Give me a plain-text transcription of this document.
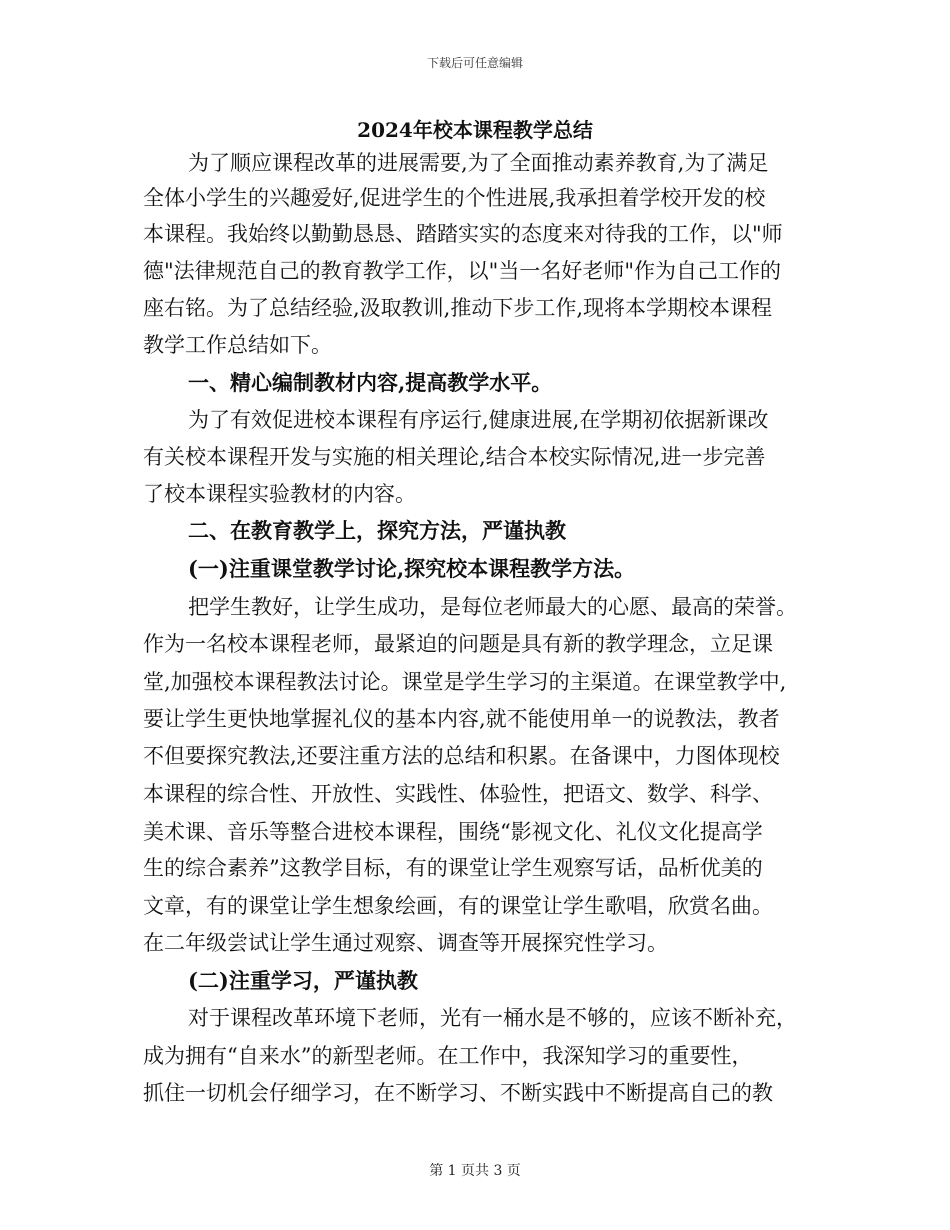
下载后可任意编辑
2024年校本课程教学总结
为了顺应课程改革的进展需要,为了全面推动素养教育,为了满足
全体小学生的兴趣爱好,促进学生的个性进展,我承担着学校开发的校
本课程。我始终以勤勤恳恳、踏踏实实的态度来对待我的工作，以"师
德"法律规范自己的教育教学工作，以"当一名好老师"作为自己工作的
座右铭。为了总结经验,汲取教训,推动下步工作,现将本学期校本课程
教学工作总结如下。
一、精心编制教材内容,提高教学水平。
为了有效促进校本课程有序运行,健康进展,在学期初依据新课改
有关校本课程开发与实施的相关理论,结合本校实际情况,进一步完善
了校本课程实验教材的内容。
二、在教育教学上，探究方法，严谨执教
(一)注重课堂教学讨论,探究校本课程教学方法。
把学生教好，让学生成功，是每位老师最大的心愿、最高的荣誉。
作为一名校本课程老师，最紧迫的问题是具有新的教学理念，立足课
堂,加强校本课程教法讨论。课堂是学生学习的主渠道。在课堂教学中,
要让学生更快地掌握礼仪的基本内容,就不能使用单一的说教法，教者
不但要探究教法,还要注重方法的总结和积累。在备课中，力图体现校
本课程的综合性、开放性、实践性、体验性，把语文、数学、科学、
美术课、音乐等整合进校本课程，围绕“影视文化、礼仪文化提高学
生的综合素养”这教学目标，有的课堂让学生观察写话，品析优美的
文章，有的课堂让学生想象绘画，有的课堂让学生歌唱，欣赏名曲。
在二年级尝试让学生通过观察、调查等开展探究性学习。
(二)注重学习，严谨执教
对于课程改革环境下老师，光有一桶水是不够的，应该不断补充，
成为拥有“自来水”的新型老师。在工作中，我深知学习的重要性，
抓住一切机会仔细学习，在不断学习、不断实践中不断提高自己的教
第 1 页共 3 页
